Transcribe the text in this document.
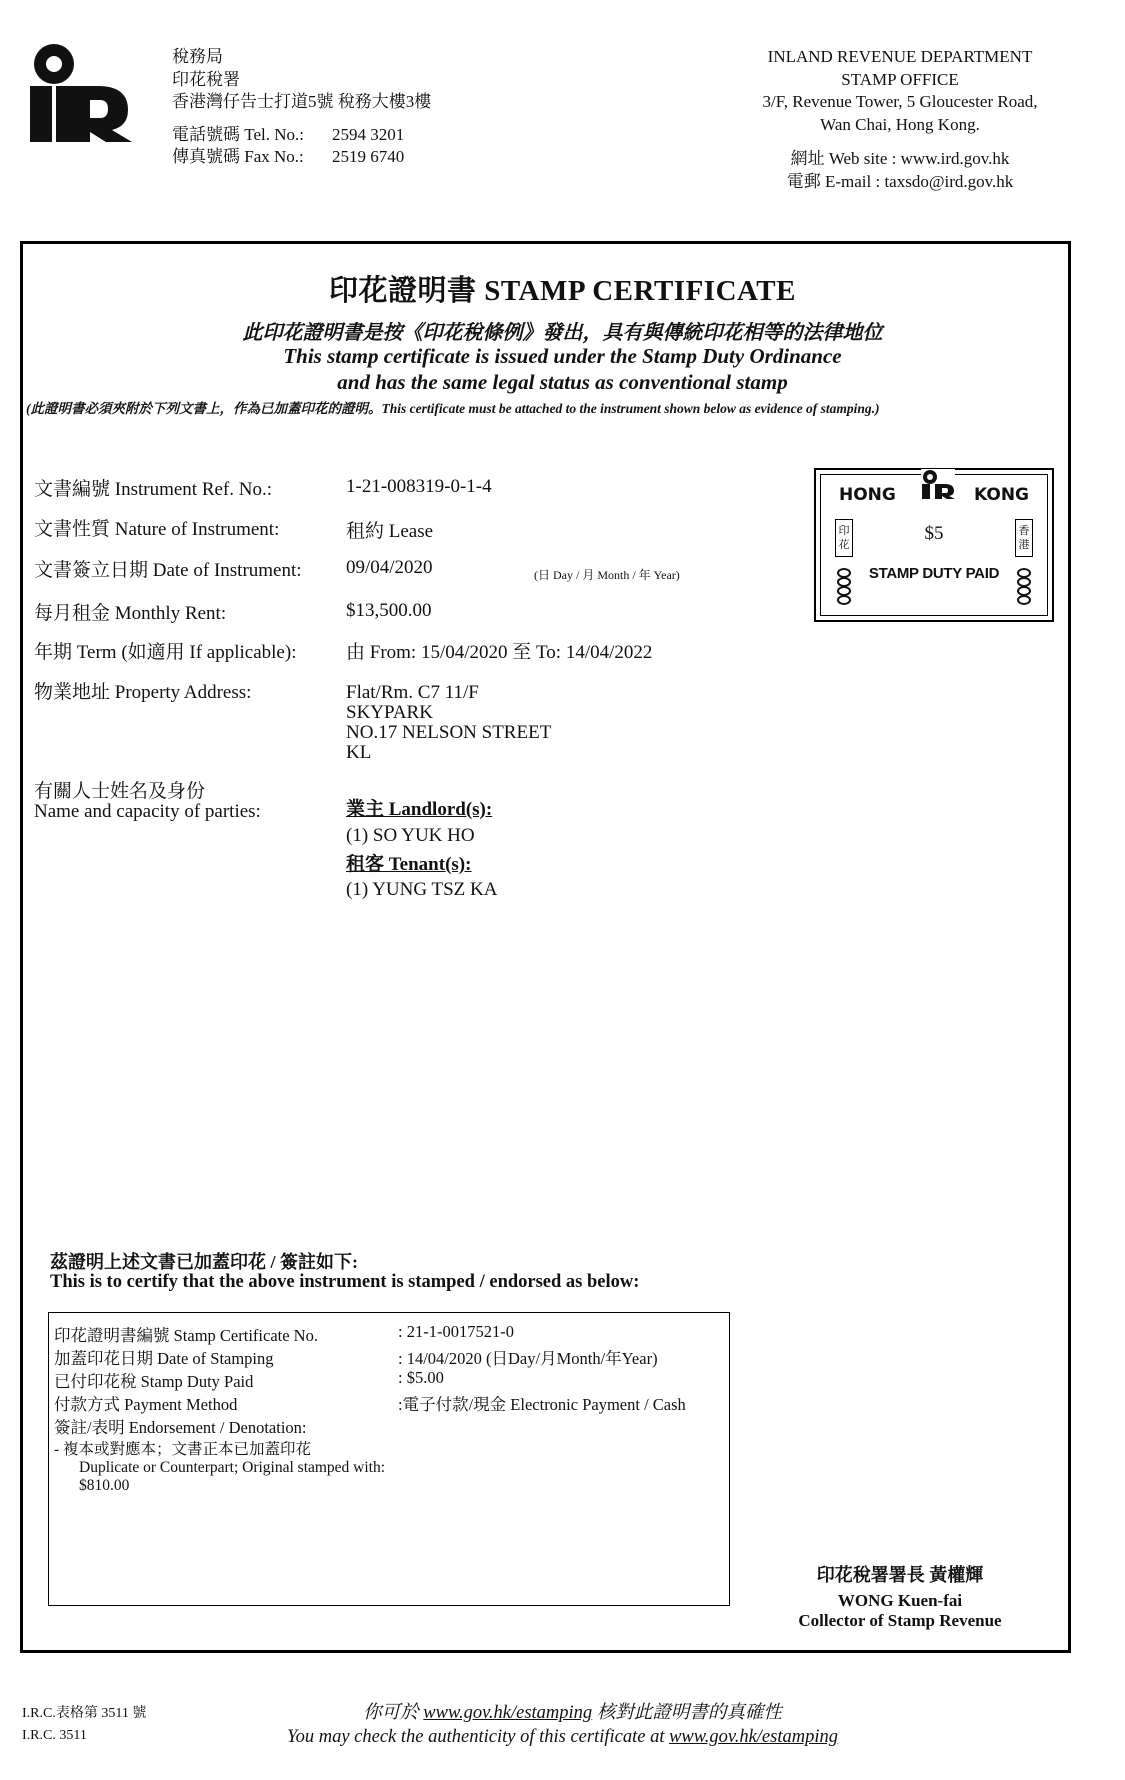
稅務局
印花稅署
香港灣仔告士打道5號 稅務大樓3樓
電話號碼 Tel. No.:	2594 3201
傳真號碼 Fax No.:	2519 6740
INLAND REVENUE DEPARTMENT
STAMP OFFICE
3/F, Revenue Tower, 5 Gloucester Road,
Wan Chai, Hong Kong.
網址 Web site : www.ird.gov.hk
電郵 E-mail : taxsdo@ird.gov.hk
印花證明書 STAMP CERTIFICATE
此印花證明書是按《印花稅條例》發出，具有與傳統印花相等的法律地位
This stamp certificate is issued under the Stamp Duty Ordinance
and has the same legal status as conventional stamp
(此證明書必須夾附於下列文書上，作為已加蓋印花的證明。This certificate must be attached to the instrument shown below as evidence of stamping.)
文書編號 Instrument Ref. No.:	1-21-008319-0-1-4
文書性質 Nature of Instrument:	租約 Lease
文書簽立日期 Date of Instrument: 09/04/2020	(日 Day / 月 Month / 年 Year)
每月租金 Monthly Rent:	$13,500.00
年期 Term (如適用 If applicable):	由 From: 15/04/2020 至 To: 14/04/2022
物業地址 Property Address:	Flat/Rm. C7 11/F
SKYPARK
NO.17 NELSON STREET
KL
有關人士姓名及身份
Name and capacity of parties:	業主 Landlord(s):
(1) SO YUK HO
租客 Tenant(s):
(1) YUNG TSZ KA
HONG	KONG
印花
香港
$5
STAMP DUTY PAID
茲證明上述文書已加蓋印花 / 簽註如下:
This is to certify that the above instrument is stamped / endorsed as below:
印花證明書編號 Stamp Certificate No.	: 21-1-0017521-0
加蓋印花日期 Date of Stamping	: 14/04/2020 (日Day/月Month/年Year)
已付印花稅 Stamp Duty Paid	: $5.00
付款方式 Payment Method	:電子付款/現金 Electronic Payment / Cash
簽註/表明 Endorsement / Denotation:
- 複本或對應本；文書正本已加蓋印花
Duplicate or Counterpart; Original stamped with:
$810.00
印花稅署署長 黃權輝
WONG Kuen-fai
Collector of Stamp Revenue
I.R.C.表格第 3511 號
I.R.C. 3511
你可於 www.gov.hk/estamping 核對此證明書的真確性
You may check the authenticity of this certificate at www.gov.hk/estamping
